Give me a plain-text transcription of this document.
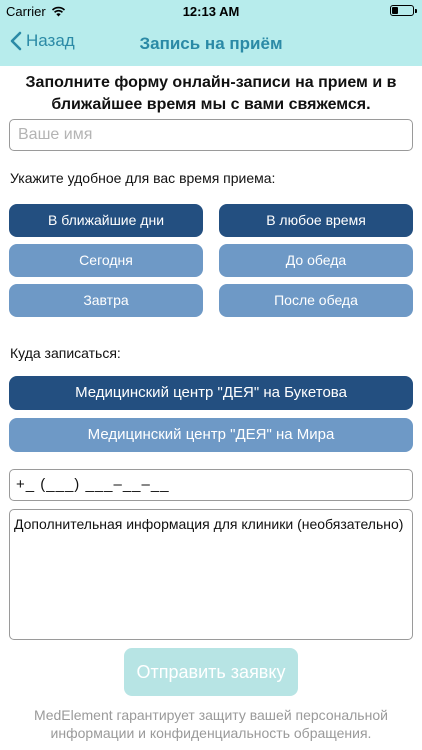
Carrier	12:13 AM
Назад	Запись на приём
Заполните форму онлайн-записи на прием и в ближайшее время мы с вами свяжемся.
Ваше имя
Укажите удобное для вас время приема:
В ближайшие дни	В любое время
Сегодня	До обеда
Завтра	После обеда
Куда записаться:
Медицинский центр "ДЕЯ" на Букетова
Медицинский центр "ДЕЯ" на Мира
+_ (___) ___–__–__
Дополнительная информация для клиники (необязательно)
Отправить заявку
MedElement гарантирует защиту вашей персональной информации и конфиденциальность обращения.
